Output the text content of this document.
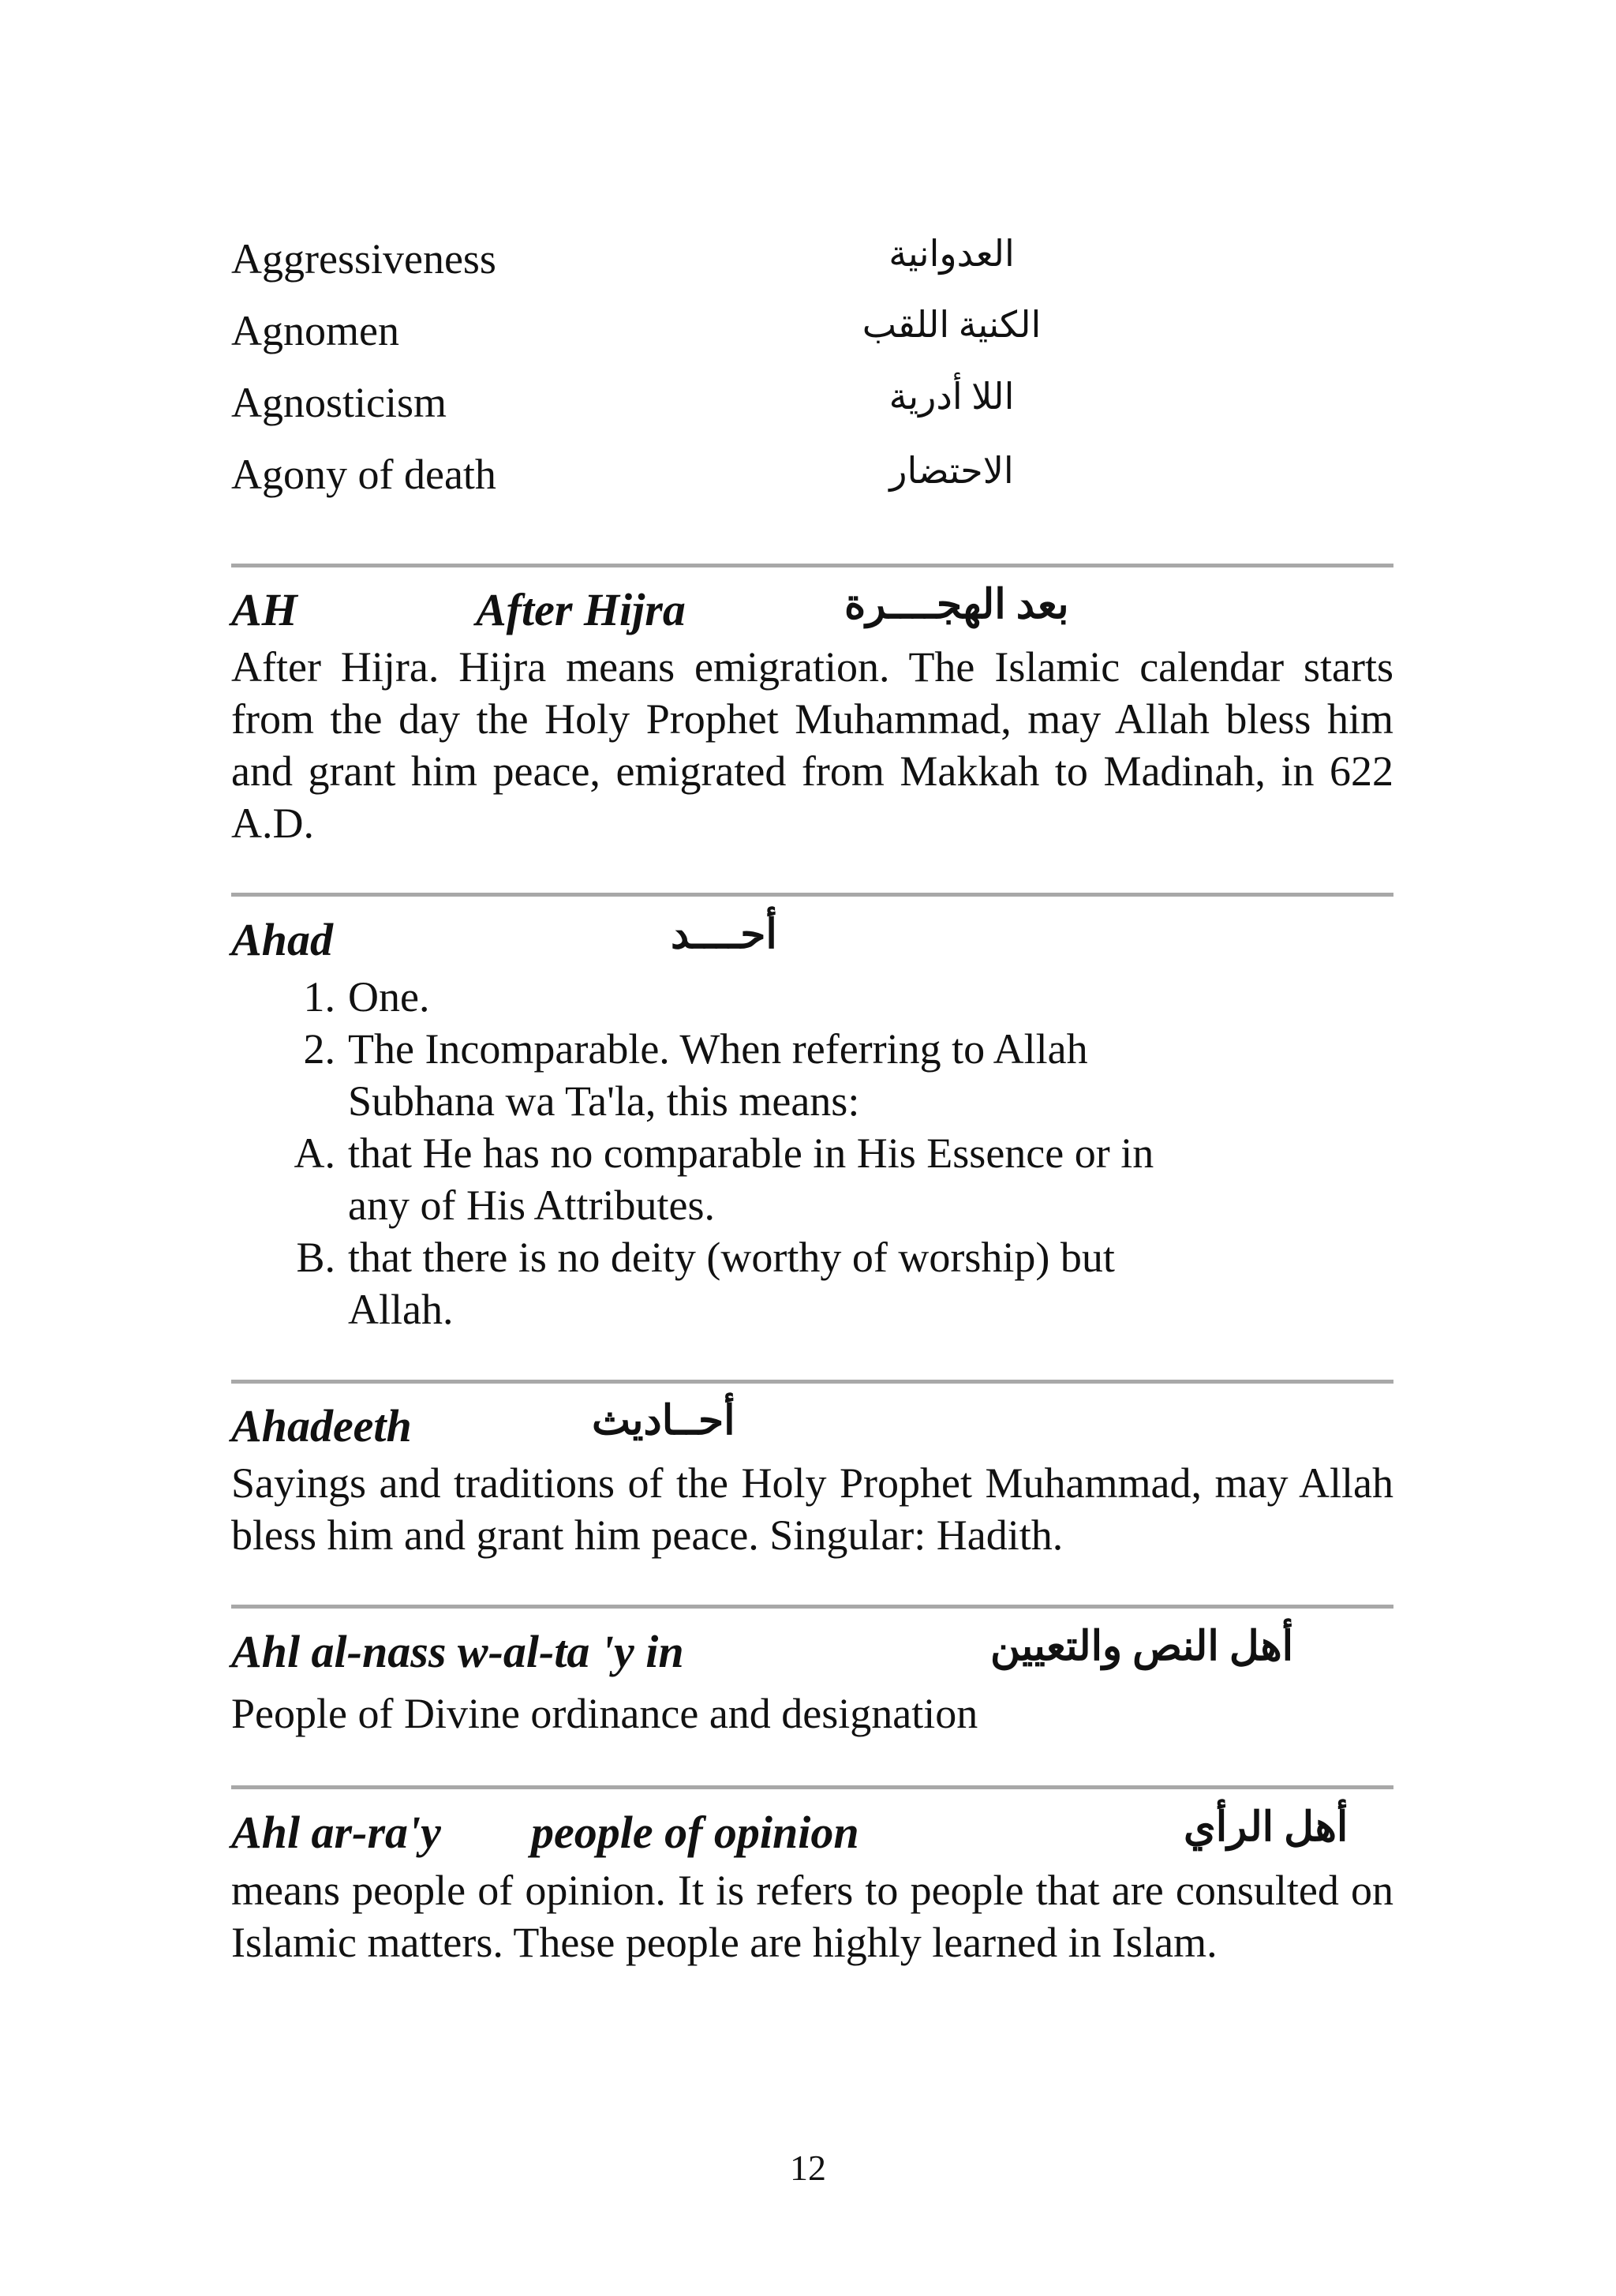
Aggressiveness	العدوانية
Agnomen	الكنية اللقب
Agnosticism	اللا أدرية
Agony of death	الاحتضار
AH	After Hijra	بعد الهجــــرة
After Hijra. Hijra means emigration. The Islamic calendar starts from the day the Holy Prophet Muhammad, may Allah bless him and grant him peace, emigrated from Makkah to Madinah, in 622 A.D.
Ahad	أحــــد
1. One.
2. The Incomparable. When referring to Allah
Subhana wa Ta'la, this means:
A. that He has no comparable in His Essence or in
any of His Attributes.
B. that there is no deity (worthy of worship) but
Allah.
Ahadeeth	أحــاديث
Sayings and traditions of the Holy Prophet Muhammad, may Allah bless him and grant him peace. Singular: Hadith.
Ahl al-nass w-al-ta 'y in	أهل النص والتعيين
People of Divine ordinance and designation
Ahl ar-ra'y people of opinion	أهل الرأي
means people of opinion. It is refers to people that are consulted on Islamic matters. These people are highly learned in Islam.
12
